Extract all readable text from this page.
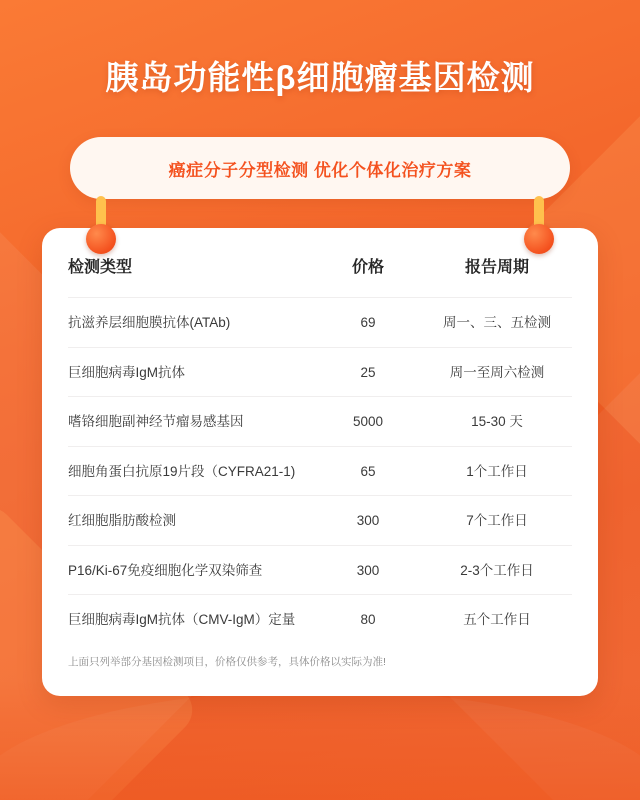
胰岛功能性β细胞瘤基因检测
癌症分子分型检测 优化个体化治疗方案
检测类型	价格	报告周期
抗滋养层细胞膜抗体(ATAb)	69	周一、三、五检测
巨细胞病毒IgM抗体	25	周一至周六检测
嗜铬细胞副神经节瘤易感基因	5000	15-30 天
细胞角蛋白抗原19片段（CYFRA21-1)	65	1个工作日
红细胞脂肪酸检测	300	7个工作日
P16/Ki-67免疫细胞化学双染筛查	300	2-3个工作日
巨细胞病毒IgM抗体（CMV-IgM）定量	80	五个工作日
上面只列举部分基因检测项目，价格仅供参考，具体价格以实际为准!
